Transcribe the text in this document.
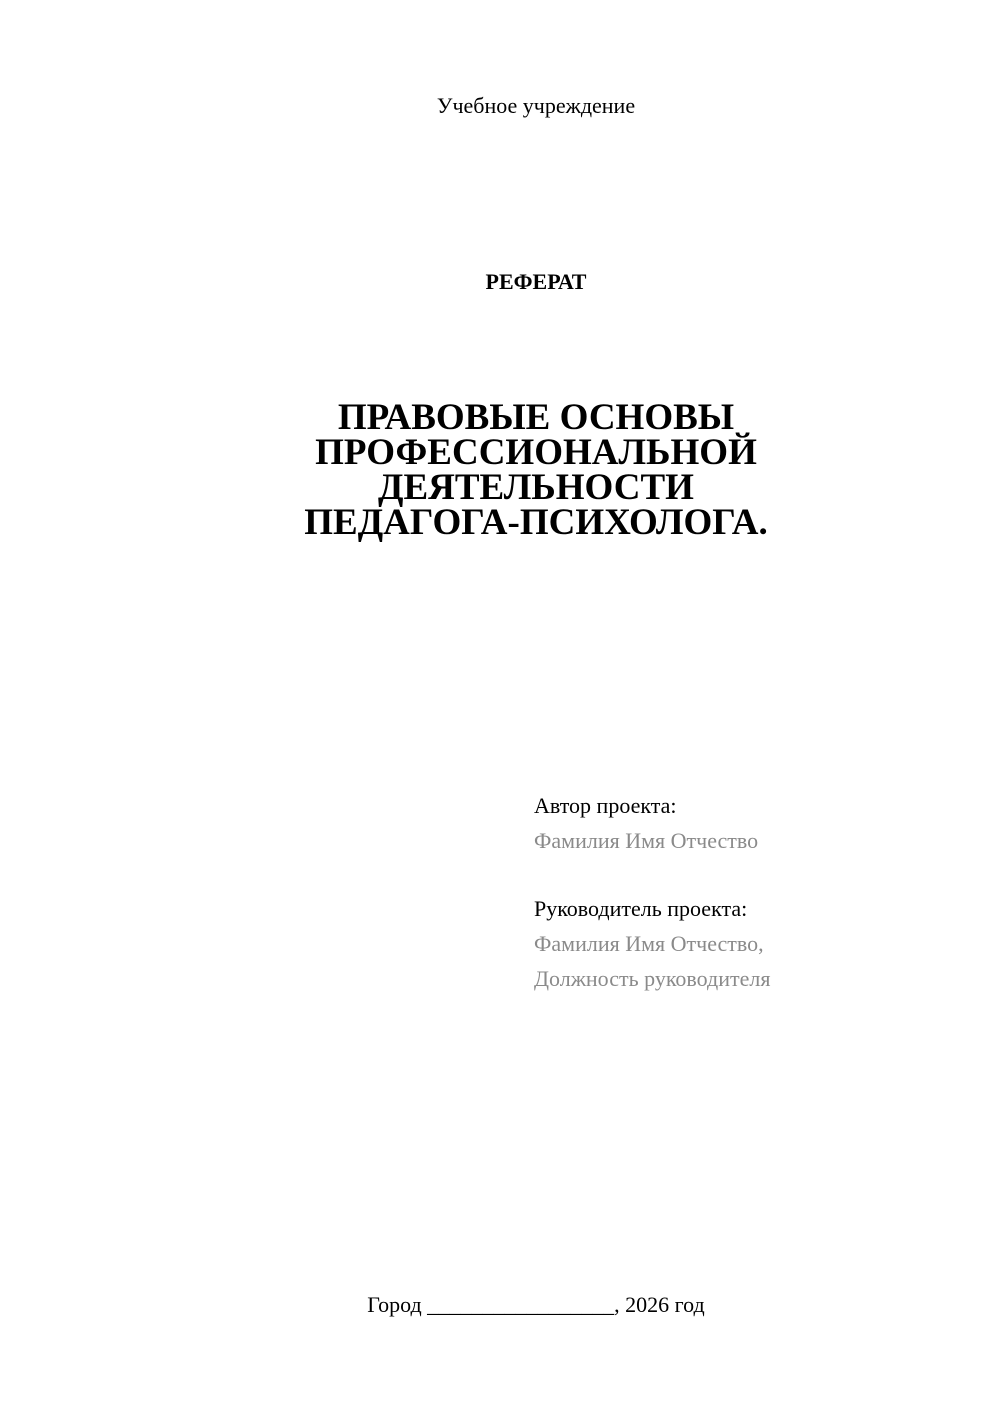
Учебное учреждение
РЕФЕРАТ
ПРАВОВЫЕ ОСНОВЫ
ПРОФЕССИОНАЛЬНОЙ
ДЕЯТЕЛЬНОСТИ
ПЕДАГОГА-ПСИХОЛОГА.
Автор проекта:
Фамилия Имя Отчество
Руководитель проекта:
Фамилия Имя Отчество,
Должность руководителя
Город _________________, 2026 год
